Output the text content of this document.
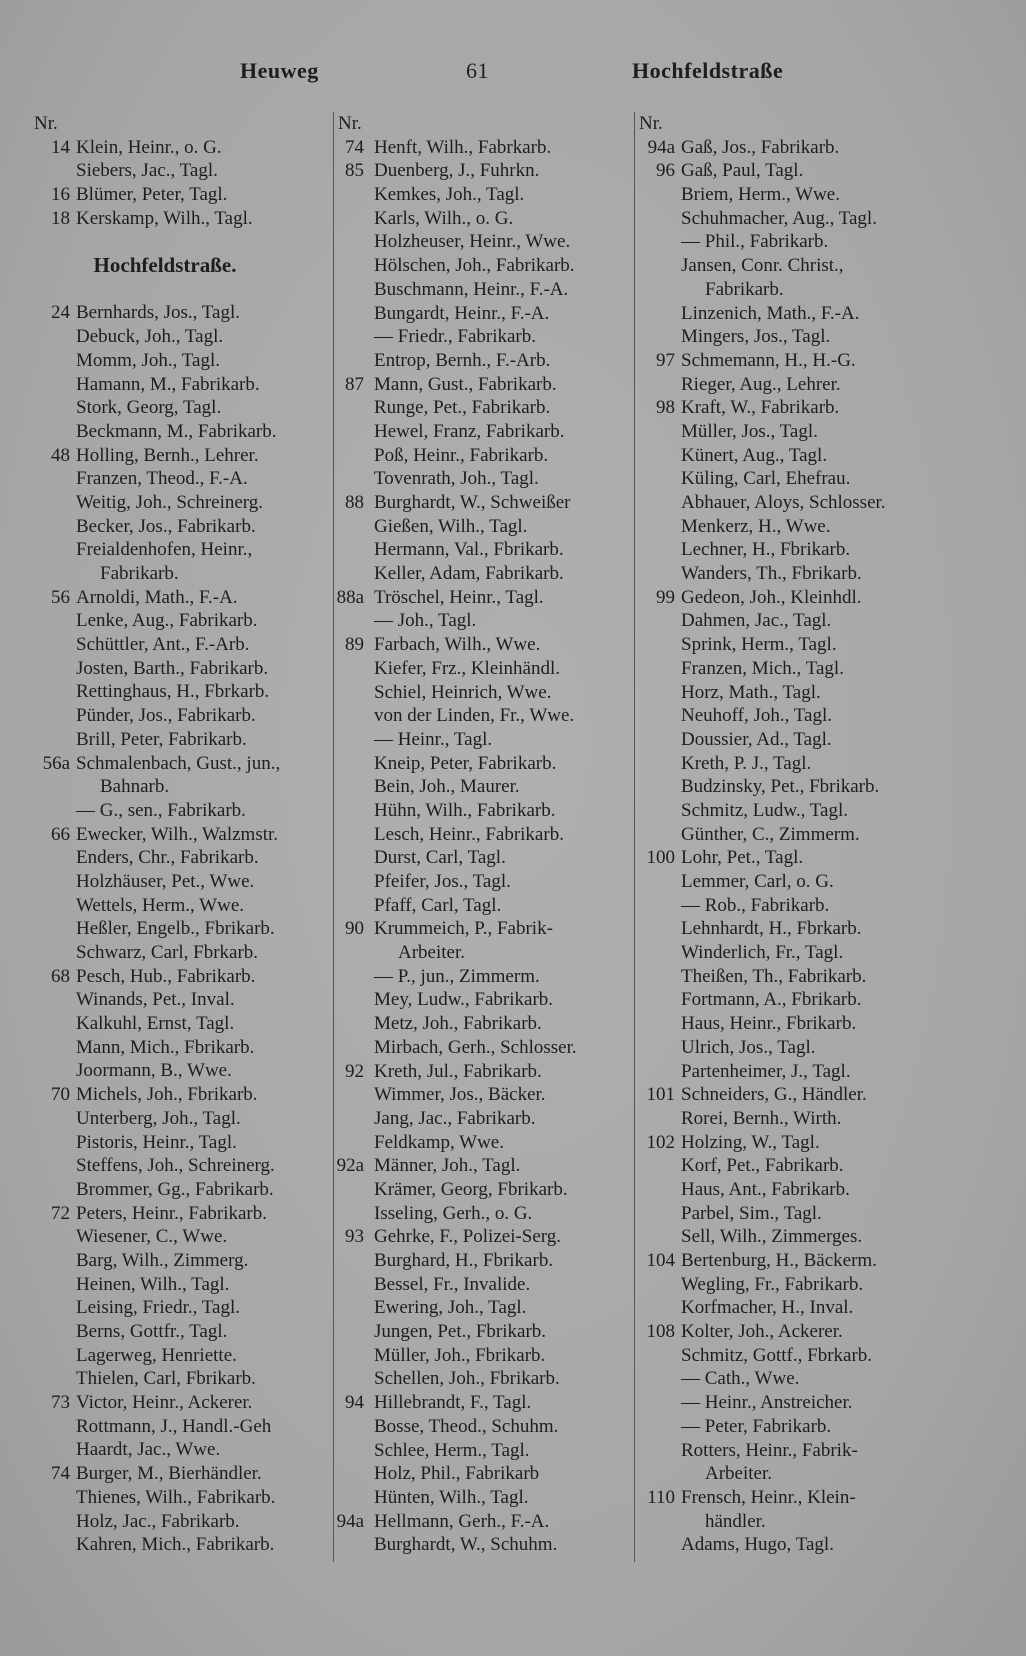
Heuweg	61	Hochfeldstraße
Nr.
14 Klein, Heinr., o. G.
Siebers, Jac., Tagl.
16 Blümer, Peter, Tagl.
18 Kerskamp, Wilh., Tagl.
Hochfeldstraße.
24 Bernhards, Jos., Tagl.
Debuck, Joh., Tagl.
Momm, Joh., Tagl.
Hamann, M., Fabrikarb.
Stork, Georg, Tagl.
Beckmann, M., Fabrikarb.
48 Holling, Bernh., Lehrer.
Franzen, Theod., F.-A.
Weitig, Joh., Schreinerg.
Becker, Jos., Fabrikarb.
Freialdenhofen, Heinr.,
Fabrikarb.
56 Arnoldi, Math., F.-A.
Lenke, Aug., Fabrikarb.
Schüttler, Ant., F.-Arb.
Josten, Barth., Fabrikarb.
Rettinghaus, H., Fbrkarb.
Pünder, Jos., Fabrikarb.
Brill, Peter, Fabrikarb.
56a Schmalenbach, Gust., jun.,
Bahnarb.
— G., sen., Fabrikarb.
66 Ewecker, Wilh., Walzmstr.
Enders, Chr., Fabrikarb.
Holzhäuser, Pet., Wwe.
Wettels, Herm., Wwe.
Heßler, Engelb., Fbrikarb.
Schwarz, Carl, Fbrkarb.
68 Pesch, Hub., Fabrikarb.
Winands, Pet., Inval.
Kalkuhl, Ernst, Tagl.
Mann, Mich., Fbrikarb.
Joormann, B., Wwe.
70 Michels, Joh., Fbrikarb.
Unterberg, Joh., Tagl.
Pistoris, Heinr., Tagl.
Steffens, Joh., Schreinerg.
Brommer, Gg., Fabrikarb.
72 Peters, Heinr., Fabrikarb.
Wiesener, C., Wwe.
Barg, Wilh., Zimmerg.
Heinen, Wilh., Tagl.
Leising, Friedr., Tagl.
Berns, Gottfr., Tagl.
Lagerweg, Henriette.
Thielen, Carl, Fbrikarb.
73 Victor, Heinr., Ackerer.
Rottmann, J., Handl.-Geh
Haardt, Jac., Wwe.
74 Burger, M., Bierhändler.
Thienes, Wilh., Fabrikarb.
Holz, Jac., Fabrikarb.
Kahren, Mich., Fabrikarb.
Nr.
74 Henft, Wilh., Fabrkarb.
85 Duenberg, J., Fuhrkn.
Kemkes, Joh., Tagl.
Karls, Wilh., o. G.
Holzheuser, Heinr., Wwe.
Hölschen, Joh., Fabrikarb.
Buschmann, Heinr., F.-A.
Bungardt, Heinr., F.-A.
— Friedr., Fabrikarb.
Entrop, Bernh., F.-Arb.
87 Mann, Gust., Fabrikarb.
Runge, Pet., Fabrikarb.
Hewel, Franz, Fabrikarb.
Poß, Heinr., Fabrikarb.
Tovenrath, Joh., Tagl.
88 Burghardt, W., Schweißer
Gießen, Wilh., Tagl.
Hermann, Val., Fbrikarb.
Keller, Adam, Fabrikarb.
88a Tröschel, Heinr., Tagl.
— Joh., Tagl.
89 Farbach, Wilh., Wwe.
Kiefer, Frz., Kleinhändl.
Schiel, Heinrich, Wwe.
von der Linden, Fr., Wwe.
— Heinr., Tagl.
Kneip, Peter, Fabrikarb.
Bein, Joh., Maurer.
Hühn, Wilh., Fabrikarb.
Lesch, Heinr., Fabrikarb.
Durst, Carl, Tagl.
Pfeifer, Jos., Tagl.
Pfaff, Carl, Tagl.
90 Krummeich, P., Fabrik-
Arbeiter.
— P., jun., Zimmerm.
Mey, Ludw., Fabrikarb.
Metz, Joh., Fabrikarb.
Mirbach, Gerh., Schlosser.
92 Kreth, Jul., Fabrikarb.
Wimmer, Jos., Bäcker.
Jang, Jac., Fabrikarb.
Feldkamp, Wwe.
92a Männer, Joh., Tagl.
Krämer, Georg, Fbrikarb.
Isseling, Gerh., o. G.
93 Gehrke, F., Polizei-Serg.
Burghard, H., Fbrikarb.
Bessel, Fr., Invalide.
Ewering, Joh., Tagl.
Jungen, Pet., Fbrikarb.
Müller, Joh., Fbrikarb.
Schellen, Joh., Fbrikarb.
94 Hillebrandt, F., Tagl.
Bosse, Theod., Schuhm.
Schlee, Herm., Tagl.
Holz, Phil., Fabrikarb
Hünten, Wilh., Tagl.
94a Hellmann, Gerh., F.-A.
Burghardt, W., Schuhm.
Nr.
94a Gaß, Jos., Fabrikarb.
96 Gaß, Paul, Tagl.
Briem, Herm., Wwe.
Schuhmacher, Aug., Tagl.
— Phil., Fabrikarb.
Jansen, Conr. Christ.,
Fabrikarb.
Linzenich, Math., F.-A.
Mingers, Jos., Tagl.
97 Schmemann, H., H.-G.
Rieger, Aug., Lehrer.
98 Kraft, W., Fabrikarb.
Müller, Jos., Tagl.
Künert, Aug., Tagl.
Küling, Carl, Ehefrau.
Abhauer, Aloys, Schlosser.
Menkerz, H., Wwe.
Lechner, H., Fbrikarb.
Wanders, Th., Fbrikarb.
99 Gedeon, Joh., Kleinhdl.
Dahmen, Jac., Tagl.
Sprink, Herm., Tagl.
Franzen, Mich., Tagl.
Horz, Math., Tagl.
Neuhoff, Joh., Tagl.
Doussier, Ad., Tagl.
Kreth, P. J., Tagl.
Budzinsky, Pet., Fbrikarb.
Schmitz, Ludw., Tagl.
Günther, C., Zimmerm.
100 Lohr, Pet., Tagl.
Lemmer, Carl, o. G.
— Rob., Fabrikarb.
Lehnhardt, H., Fbrkarb.
Winderlich, Fr., Tagl.
Theißen, Th., Fabrikarb.
Fortmann, A., Fbrikarb.
Haus, Heinr., Fbrikarb.
Ulrich, Jos., Tagl.
Partenheimer, J., Tagl.
101 Schneiders, G., Händler.
Rorei, Bernh., Wirth.
102 Holzing, W., Tagl.
Korf, Pet., Fabrikarb.
Haus, Ant., Fabrikarb.
Parbel, Sim., Tagl.
Sell, Wilh., Zimmerges.
104 Bertenburg, H., Bäckerm.
Wegling, Fr., Fabrikarb.
Korfmacher, H., Inval.
108 Kolter, Joh., Ackerer.
Schmitz, Gottf., Fbrkarb.
— Cath., Wwe.
— Heinr., Anstreicher.
— Peter, Fabrikarb.
Rotters, Heinr., Fabrik-
Arbeiter.
110 Frensch, Heinr., Klein-
händler.
Adams, Hugo, Tagl.
